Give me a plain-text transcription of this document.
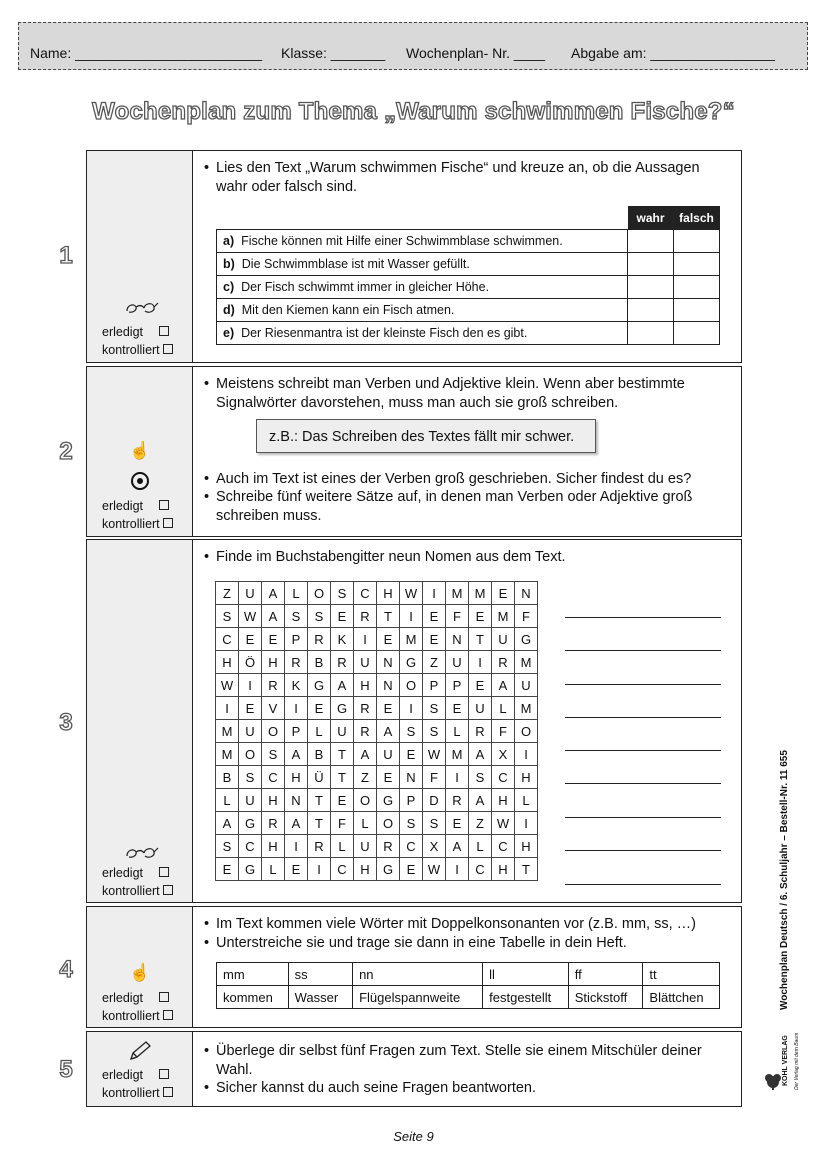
Name: ________________________ Klasse: _______ Wochenplan- Nr. ____ Abgabe am: ________________
Wochenplan zum Thema „Warum schwimmen Fische?“
1
erledigt
kontrolliert
• Lies den Text „Warum schwimmen Fische“ und kreuze an, ob die Aussagen wahr oder falsch sind.
	wahr	falsch
a) Fische können mit Hilfe einer Schwimmblase schwimmen.		
b) Die Schwimmblase ist mit Wasser gefüllt.		
c) Der Fisch schwimmt immer in gleicher Höhe.		
d) Mit den Kiemen kann ein Fisch atmen.		
e) Der Riesenmantra ist der kleinste Fisch den es gibt.		
2	☝
erledigt
kontrolliert
• Meistens schreibt man Verben und Adjektive klein. Wenn aber bestimmte Signalwörter davorstehen, muss man auch sie groß schreiben.
z.B.: Das Schreiben des Textes fällt mir schwer.
• Auch im Text ist eines der Verben groß geschrieben. Sicher findest du es?
• Schreibe fünf weitere Sätze auf, in denen man Verben oder Adjektive groß schreiben muss.
3
erledigt
kontrolliert
• Finde im Buchstabengitter neun Nomen aus dem Text.
Z	U	A	L	O	S	C	H	W	I	M	M	E	N
S	W	A	S	S	E	R	T	I	E	F	E	M	F
C	E	E	P	R	K	I	E	M	E	N	T	U	G
H	Ö	H	R	B	R	U	N	G	Z	U	I	R	M
W	I	R	K	G	A	H	N	O	P	P	E	A	U
I	E	V	I	E	G	R	E	I	S	E	U	L	M
M	U	O	P	L	U	R	A	S	S	L	R	F	O
M	O	S	A	B	T	A	U	E	W	M	A	X	I
B	S	C	H	Ü	T	Z	E	N	F	I	S	C	H
L	U	H	N	T	E	O	G	P	D	R	A	H	L
A	G	R	A	T	F	L	O	S	S	E	Z	W	I
S	C	H	I	R	L	U	R	C	X	A	L	C	H
E	G	L	E	I	C	H	G	E	W	I	C	H	T
4	☝
erledigt
kontrolliert
• Im Text kommen viele Wörter mit Doppelkonsonanten vor (z.B. mm, ss, …)
• Unterstreiche sie und trage sie dann in eine Tabelle in dein Heft.
mm	ss	nn	ll	ff	tt
kommen	Wasser	Flügelspannweite	festgestellt	Stickstoff	Blättchen
5	erledigt
kontrolliert
• Überlege dir selbst fünf Fragen zum Text. Stelle sie einem Mitschüler deiner Wahl.
• Sicher kannst du auch seine Fragen beantworten.
Wochenplan Deutsch / 6. Schuljahr – Bestell-Nr. 11 655
KOHL VERLAG Der Verlag mit dem Baum
Seite 9
